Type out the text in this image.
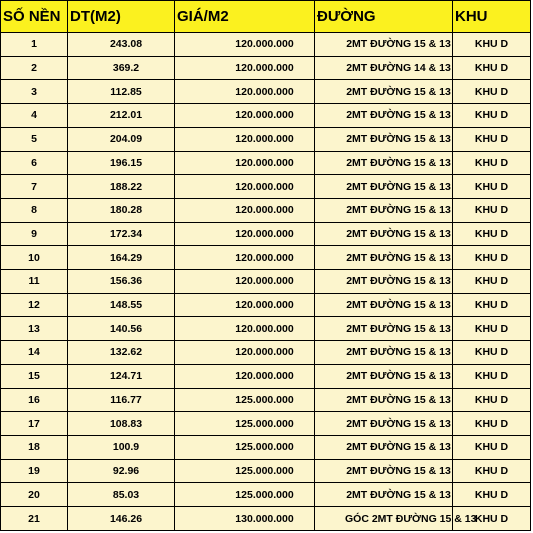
SỐ NỀN	DT(M2)	GIÁ/M2	ĐƯỜNG	KHU
1	243.08	120.000.000	2MT ĐƯỜNG 15 & 13	KHU D
2	369.2	120.000.000	2MT ĐƯỜNG 14 & 13	KHU D
3	112.85	120.000.000	2MT ĐƯỜNG 15 & 13	KHU D
4	212.01	120.000.000	2MT ĐƯỜNG 15 & 13	KHU D
5	204.09	120.000.000	2MT ĐƯỜNG 15 & 13	KHU D
6	196.15	120.000.000	2MT ĐƯỜNG 15 & 13	KHU D
7	188.22	120.000.000	2MT ĐƯỜNG 15 & 13	KHU D
8	180.28	120.000.000	2MT ĐƯỜNG 15 & 13	KHU D
9	172.34	120.000.000	2MT ĐƯỜNG 15 & 13	KHU D
10	164.29	120.000.000	2MT ĐƯỜNG 15 & 13	KHU D
11	156.36	120.000.000	2MT ĐƯỜNG 15 & 13	KHU D
12	148.55	120.000.000	2MT ĐƯỜNG 15 & 13	KHU D
13	140.56	120.000.000	2MT ĐƯỜNG 15 & 13	KHU D
14	132.62	120.000.000	2MT ĐƯỜNG 15 & 13	KHU D
15	124.71	120.000.000	2MT ĐƯỜNG 15 & 13	KHU D
16	116.77	125.000.000	2MT ĐƯỜNG 15 & 13	KHU D
17	108.83	125.000.000	2MT ĐƯỜNG 15 & 13	KHU D
18	100.9	125.000.000	2MT ĐƯỜNG 15 & 13	KHU D
19	92.96	125.000.000	2MT ĐƯỜNG 15 & 13	KHU D
20	85.03	125.000.000	2MT ĐƯỜNG 15 & 13	KHU D
21	146.26	130.000.000	GÓC 2MT ĐƯỜNG 15 & 13	KHU D
